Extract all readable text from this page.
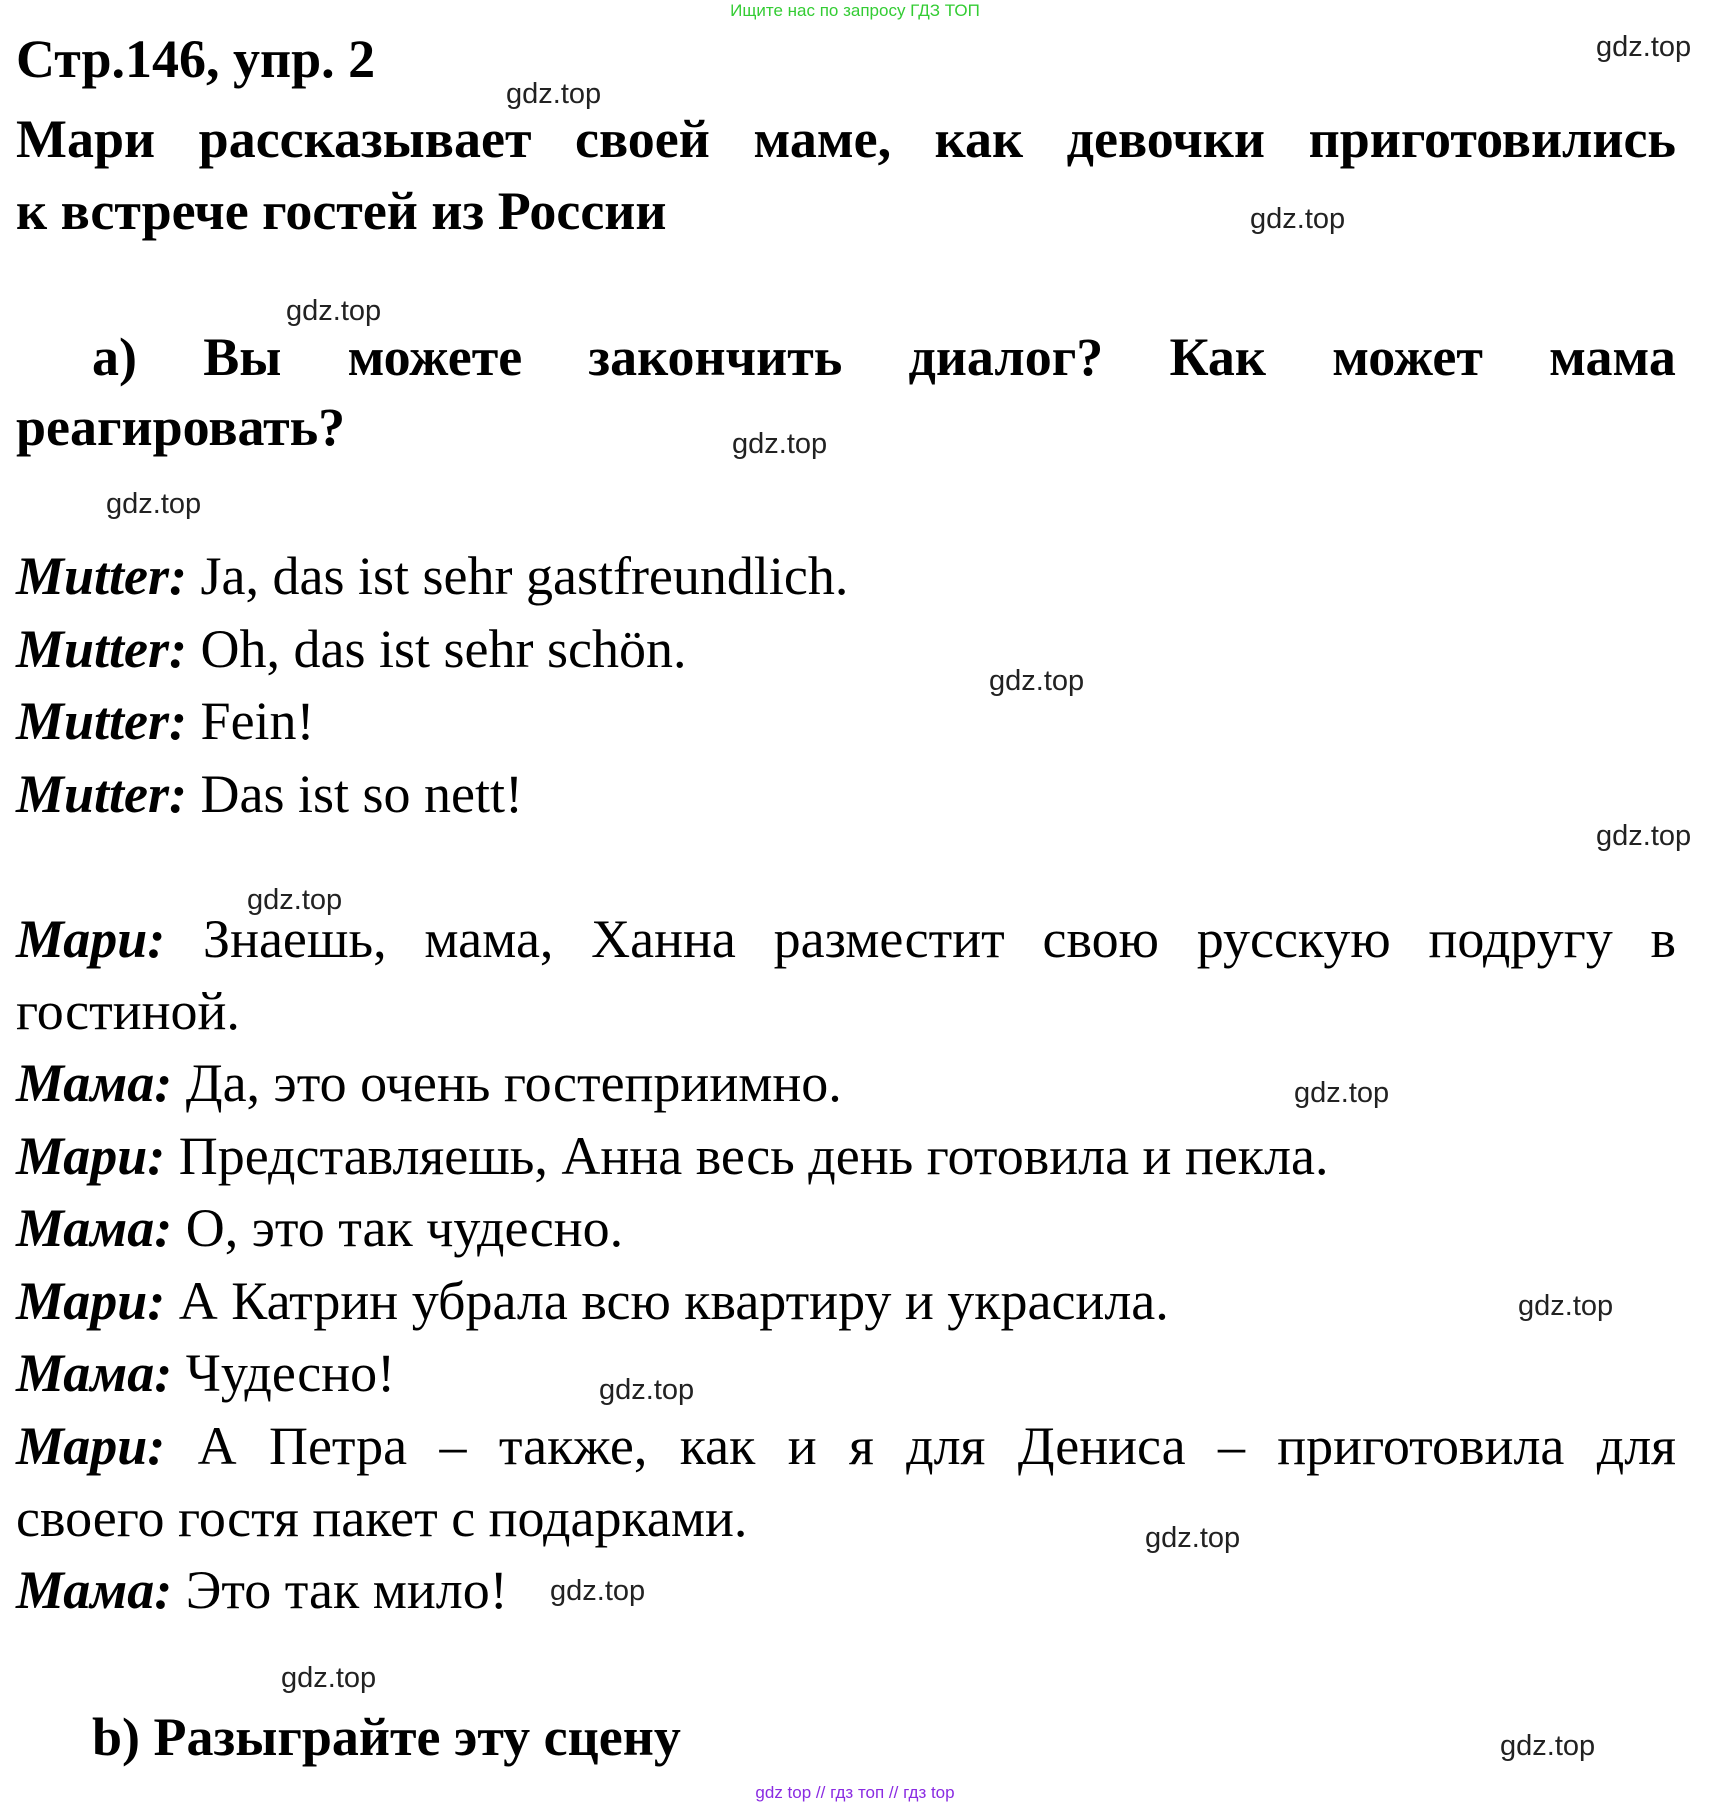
Ищите нас по запросу ГДЗ ТОП
Стр.146, упр. 2
Мари рассказывает своей маме, как девочки приготовились
к встрече гостей из России
a) Вы можете закончить диалог? Как может мама
реагировать?
Mutter: Ja, das ist sehr gastfreundlich.
Mutter: Oh, das ist sehr schön.
Mutter: Fein!
Mutter: Das ist so nett!
Мари: Знаешь, мама, Ханна разместит свою русскую подругу в
гостиной.
Мама: Да, это очень гостеприимно.
Мари: Представляешь, Анна весь день готовила и пекла.
Мама: О, это так чудесно.
Мари: А Катрин убрала всю квартиру и украсила.
Мама: Чудесно!
Мари: А Петра – также, как и я для Дениса – приготовила для
своего гостя пакет с подарками.
Мама: Это так мило!
b) Разыграйте эту сцену
gdz.top
gdz.top
gdz.top
gdz.top
gdz.top
gdz.top
gdz.top
gdz.top
gdz.top
gdz.top
gdz.top
gdz.top
gdz.top
gdz.top
gdz.top
gdz.top
gdz top // гдз топ // гдз top
